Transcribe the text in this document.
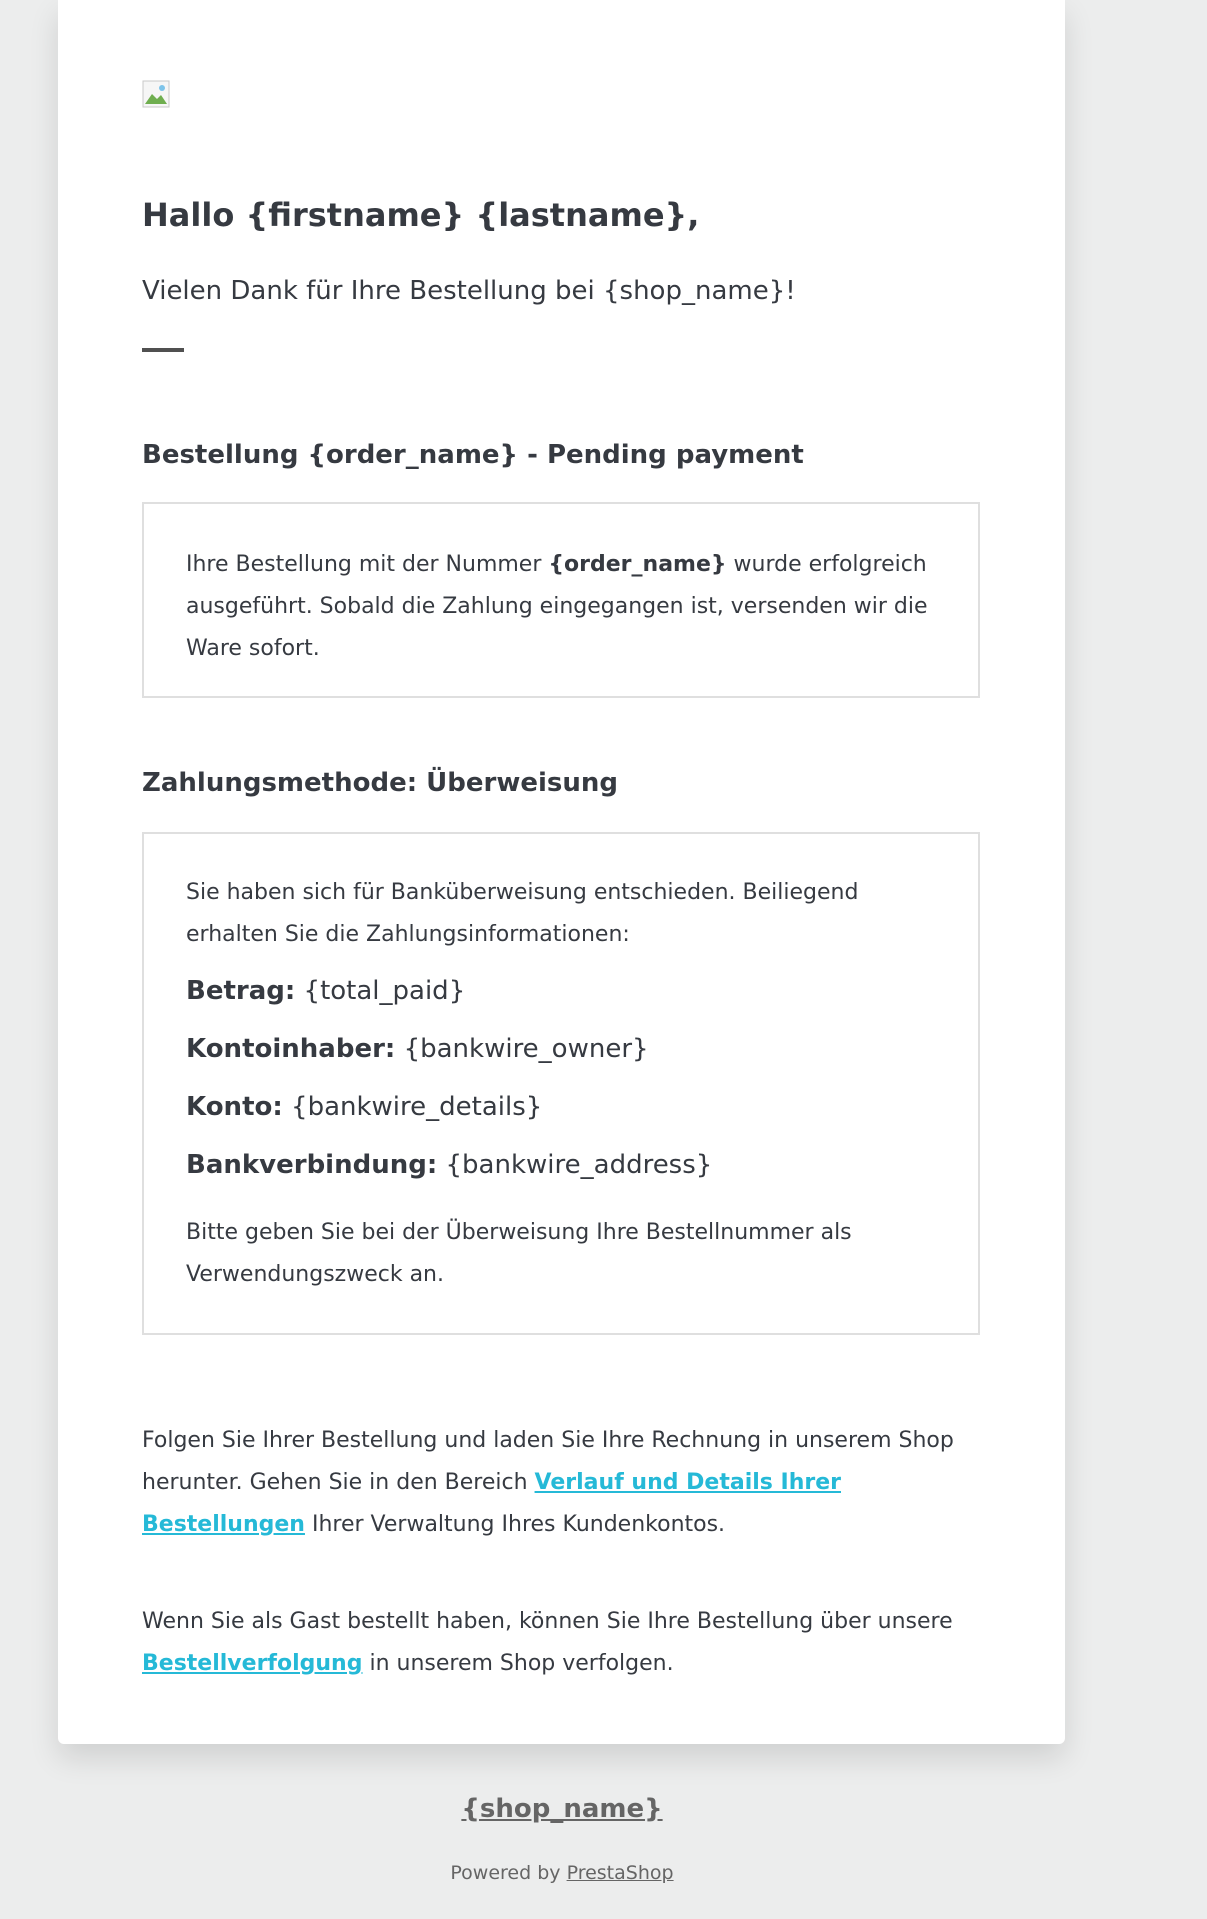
Hallo {firstname} {lastname},

Vielen Dank für Ihre Bestellung bei {shop_name}!

Bestellung {order_name} - Pending payment

Ihre Bestellung mit der Nummer {order_name} wurde erfolgreich ausgeführt. Sobald die Zahlung eingegangen ist, versenden wir die Ware sofort.

Zahlungsmethode: Überweisung

Sie haben sich für Banküberweisung entschieden. Beiliegend erhalten Sie die Zahlungsinformationen:

Betrag: {total_paid}

Kontoinhaber: {bankwire_owner}

Konto: {bankwire_details}

Bankverbindung: {bankwire_address}

Bitte geben Sie bei der Überweisung Ihre Bestellnummer als Verwendungszweck an.

Folgen Sie Ihrer Bestellung und laden Sie Ihre Rechnung in unserem Shop herunter. Gehen Sie in den Bereich Verlauf und Details Ihrer Bestellungen Ihrer Verwaltung Ihres Kundenkontos.

Wenn Sie als Gast bestellt haben, können Sie Ihre Bestellung über unsere  Bestellverfolgung in unserem Shop verfolgen.

{shop_name}
Powered by PrestaShop
